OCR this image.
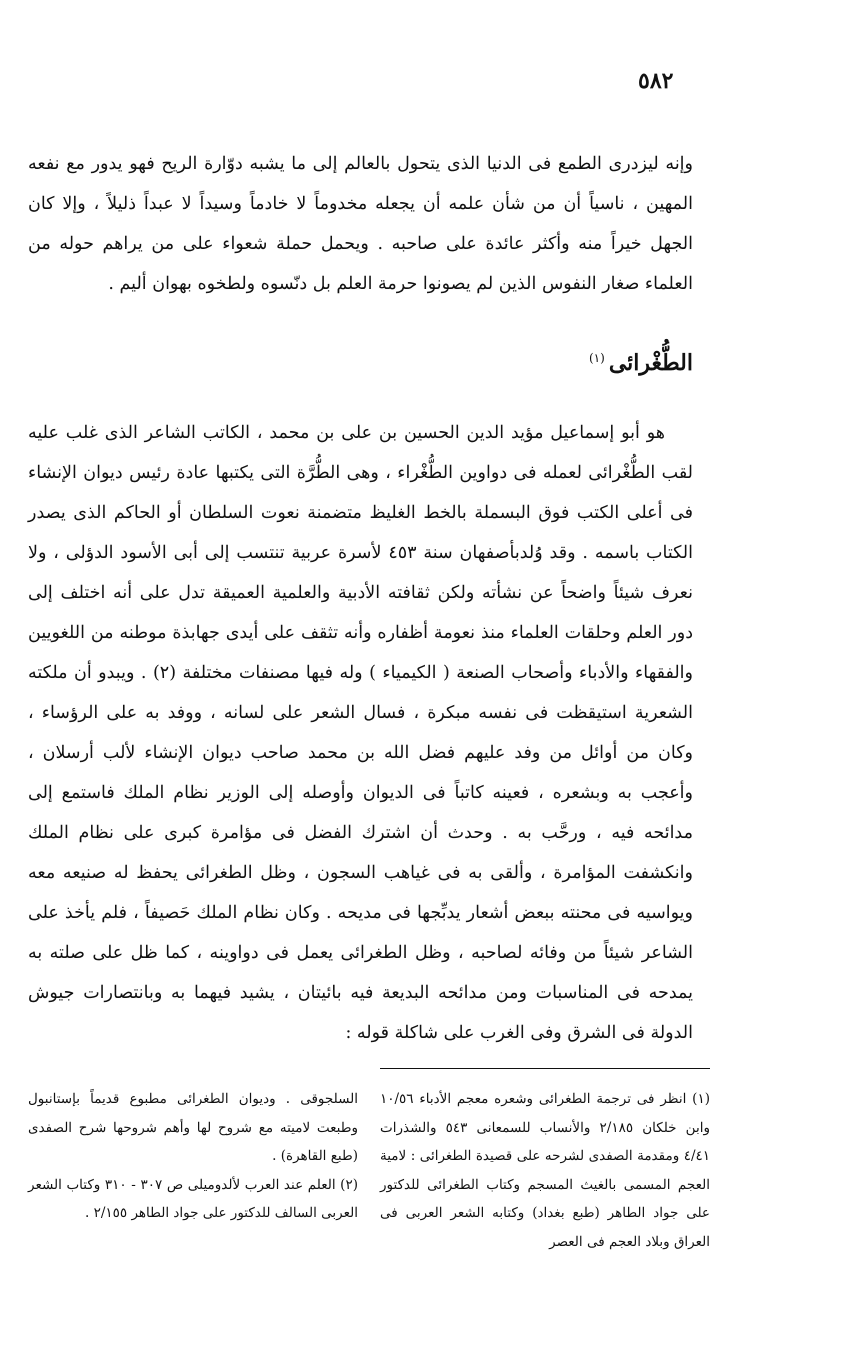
٥٨٢

وإنه ليزدرى الطمع فى الدنيا الذى يتحول بالعالم إلى ما يشبه دوّارة الريح فهو يدور مع نفعه المهين ، ناسياً أن من شأن علمه أن يجعله مخدوماً لا خادماً وسيداً لا عبداً ذليلاً ، وإلا كان الجهل خيراً منه وأكثر عائدة على صاحبه . ويحمل حملة شعواء على من يراهم حوله من العلماء صغار النفوس الذين لم يصونوا حرمة العلم بل دنّسوه ولطخوه بهوان أليم .

الطُّغْرائى$^{(١)}$

هو أبو إسماعيل مؤيد الدين الحسين بن على بن محمد ، الكاتب الشاعر الذى غلب عليه لقب الطُّغْرائى لعمله فى دواوين الطُّغْراء ، وهى الطُّرَّة التى يكتبها عادة رئيس ديوان الإنشاء فى أعلى الكتب فوق البسملة بالخط الغليظ متضمنة نعوت السلطان أو الحاكم الذى يصدر الكتاب باسمه . وقد وُلدبأصفهان سنة ٤٥٣ لأسرة عربية تنتسب إلى أبى الأسود الدؤلى ، ولا نعرف شيئاً واضحاً عن نشأته ولكن ثقافته الأدبية والعلمية العميقة تدل على أنه اختلف إلى دور العلم وحلقات العلماء منذ نعومة أظفاره وأنه تثقف على أيدى جهابذة موطنه من اللغويين والفقهاء والأدباء وأصحاب الصنعة ( الكيمياء ) وله فيها مصنفات مختلفة (٢) . ويبدو أن ملكته الشعرية استيقظت فى نفسه مبكرة ، فسال الشعر على لسانه ، ووفد به على الرؤساء ، وكان من أوائل من وفد عليهم فضل الله بن محمد صاحب ديوان الإنشاء لألب أرسلان ، وأعجب به وبشعره ، فعينه كاتباً فى الديوان وأوصله إلى الوزير نظام الملك فاستمع إلى مدائحه فيه ، ورحَّب به . وحدث أن اشترك الفضل فى مؤامرة كبرى على نظام الملك وانكشفت المؤامرة ، وألقى به فى غياهب السجون ، وظل الطغرائى يحفظ له صنيعه معه ويواسيه فى محنته ببعض أشعار يدبِّجها فى مديحه . وكان نظام الملك حَصيفاً ، فلم يأخذ على الشاعر شيئاً من وفائه لصاحبه ، وظل الطغرائى يعمل فى دواوينه ، كما ظل على صلته به يمدحه فى المناسبات ومن مدائحه البديعة فيه بائيتان ، يشيد فيهما به وبانتصارات جيوش الدولة فى الشرق وفى الغرب على شاكلة قوله :

(١) انظر فى ترجمة الطغرائى وشعره معجم الأدباء ١٠/٥٦ وابن خلكان ٢/١٨٥ والأنساب للسمعانى ٥٤٣ والشذرات ٤/٤١ ومقدمة الصفدى لشرحه على قصيدة الطغرائى : لامية العجم المسمى بالغيث المسجم وكتاب الطغرائى للدكتور على جواد الطاهر (طبع بغداد) وكتابه الشعر العربى فى العراق وبلاد العجم فى العصر

السلجوقى . وديوان الطغرائى مطبوع قديماً بإستانبول وطبعت لاميته مع شروح لها وأهم شروحها شرح الصفدى (طبع القاهرة) .

(٢) العلم عند العرب لألدوميلى ص ٣٠٧ - ٣١٠ وكتاب الشعر العربى السالف للدكتور على جواد الطاهر ٢/١٥٥ .
